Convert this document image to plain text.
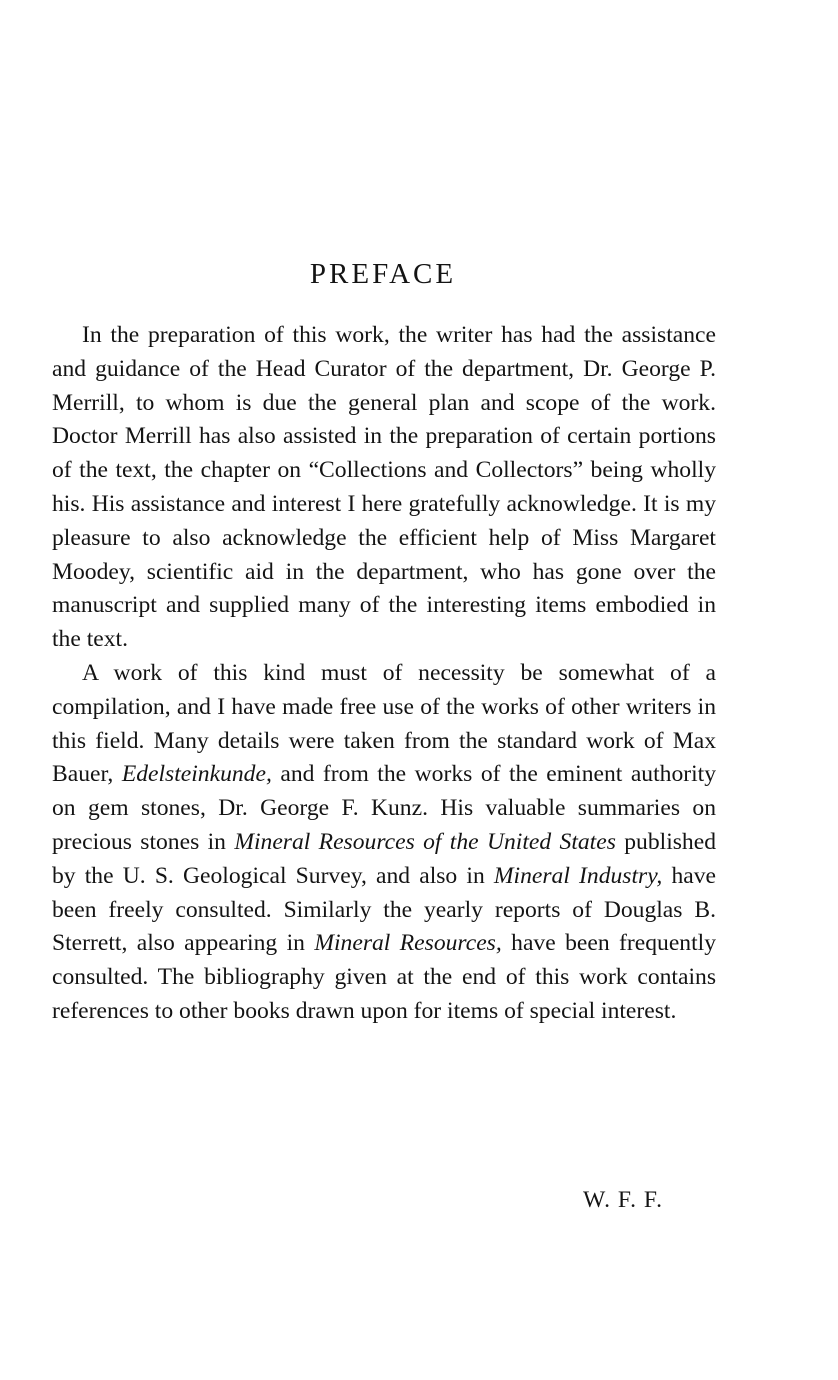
PREFACE

In the preparation of this work, the writer has had the assistance and guidance of the Head Curator of the department, Dr. George P. Merrill, to whom is due the general plan and scope of the work. Doctor Merrill has also assisted in the preparation of certain portions of the text, the chapter on “Collections and Collectors” being wholly his. His assistance and interest I here gratefully acknowledge. It is my pleasure to also acknowledge the efficient help of Miss Margaret Moodey, scientific aid in the department, who has gone over the manuscript and supplied many of the interesting items embodied in the text.

A work of this kind must of necessity be somewhat of a compilation, and I have made free use of the works of other writers in this field. Many details were taken from the standard work of Max Bauer, Edelsteinkunde, and from the works of the eminent authority on gem stones, Dr. George F. Kunz. His valuable summaries on precious stones in Mineral Resources of the United States published by the U. S. Geological Survey, and also in Mineral Industry, have been freely consulted. Similarly the yearly reports of Douglas B. Sterrett, also appearing in Mineral Resources, have been frequently consulted. The bibliography given at the end of this work contains references to other books drawn upon for items of special interest.

W. F. F.
